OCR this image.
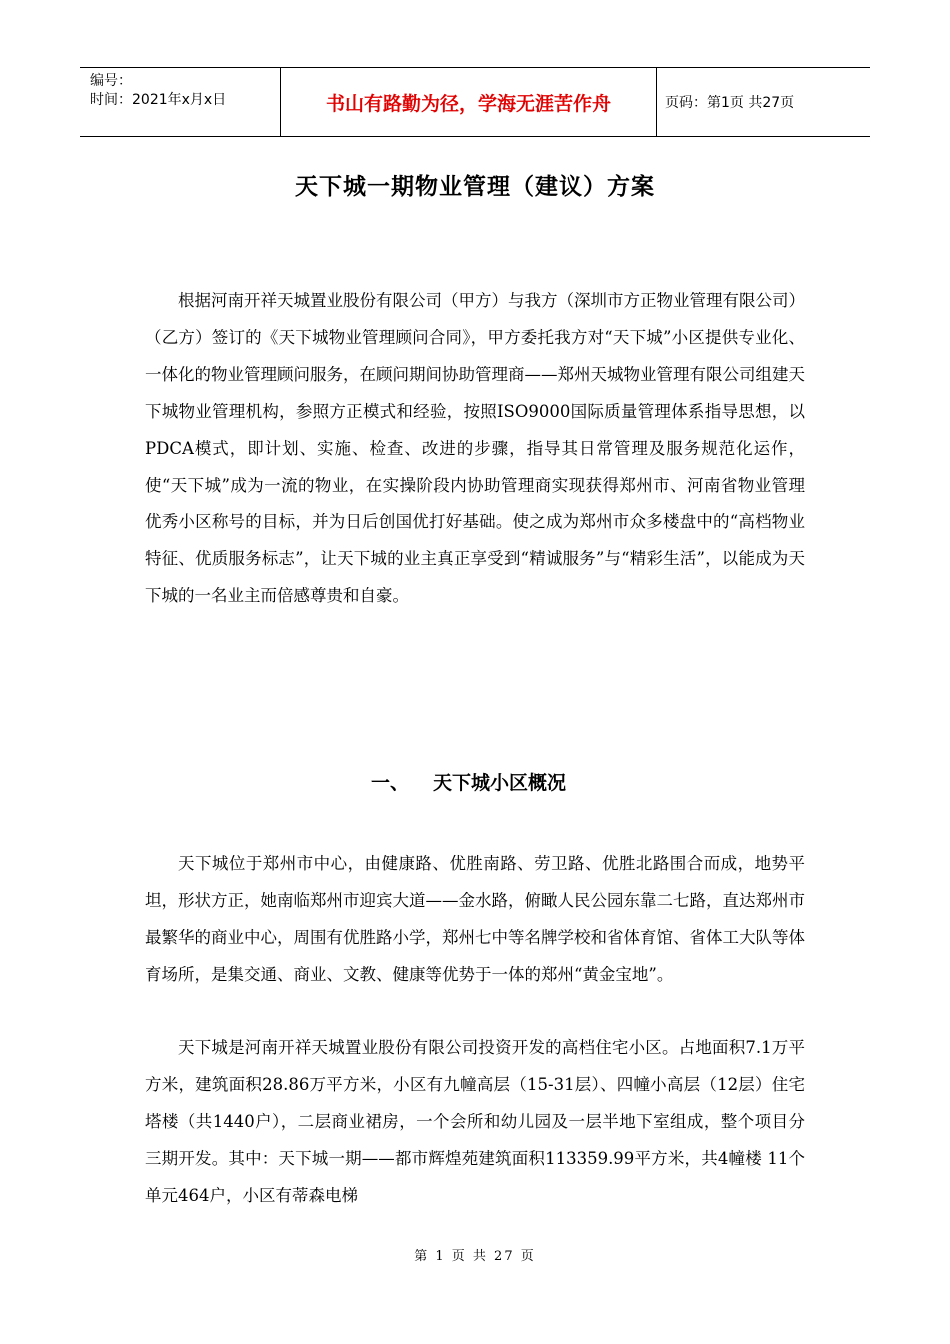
编号：
时间：2021年x月x日	书山有路勤为径，学海无涯苦作舟	页码：第1页 共27页
天下城一期物业管理（建议）方案

根据河南开祥天城置业股份有限公司（甲方）与我方（深圳市方正物业管理有限公司）（乙方）签订的《天下城物业管理顾问合同》，甲方委托我方对“天下城”小区提供专业化、一体化的物业管理顾问服务，在顾问期间协助管理商——郑州天城物业管理有限公司组建天下城物业管理机构，参照方正模式和经验，按照ISO9000国际质量管理体系指导思想，以PDCA模式，即计划、实施、检查、改进的步骤，指导其日常管理及服务规范化运作，使“天下城”成为一流的物业，在实操阶段内协助管理商实现获得郑州市、河南省物业管理优秀小区称号的目标，并为日后创国优打好基础。使之成为郑州市众多楼盘中的“高档物业特征、优质服务标志”，让天下城的业主真正享受到“精诚服务”与“精彩生活”，以能成为天下城的一名业主而倍感尊贵和自豪。

一、 天下城小区概况

天下城位于郑州市中心，由健康路、优胜南路、劳卫路、优胜北路围合而成，地势平坦，形状方正，她南临郑州市迎宾大道——金水路，俯瞰人民公园东靠二七路，直达郑州市最繁华的商业中心，周围有优胜路小学，郑州七中等名牌学校和省体育馆、省体工大队等体育场所，是集交通、商业、文教、健康等优势于一体的郑州“黄金宝地”。

天下城是河南开祥天城置业股份有限公司投资开发的高档住宅小区。占地面积7.1万平方米，建筑面积28.86万平方米，小区有九幢高层（15-31层）、四幢小高层（12层）住宅塔楼（共1440户），二层商业裙房，一个会所和幼儿园及一层半地下室组成，整个项目分三期开发。其中：天下城一期——都市辉煌苑建筑面积113359.99平方米，共4幢楼 11个单元464户，小区有蒂森电梯

第 1 页 共 27 页
